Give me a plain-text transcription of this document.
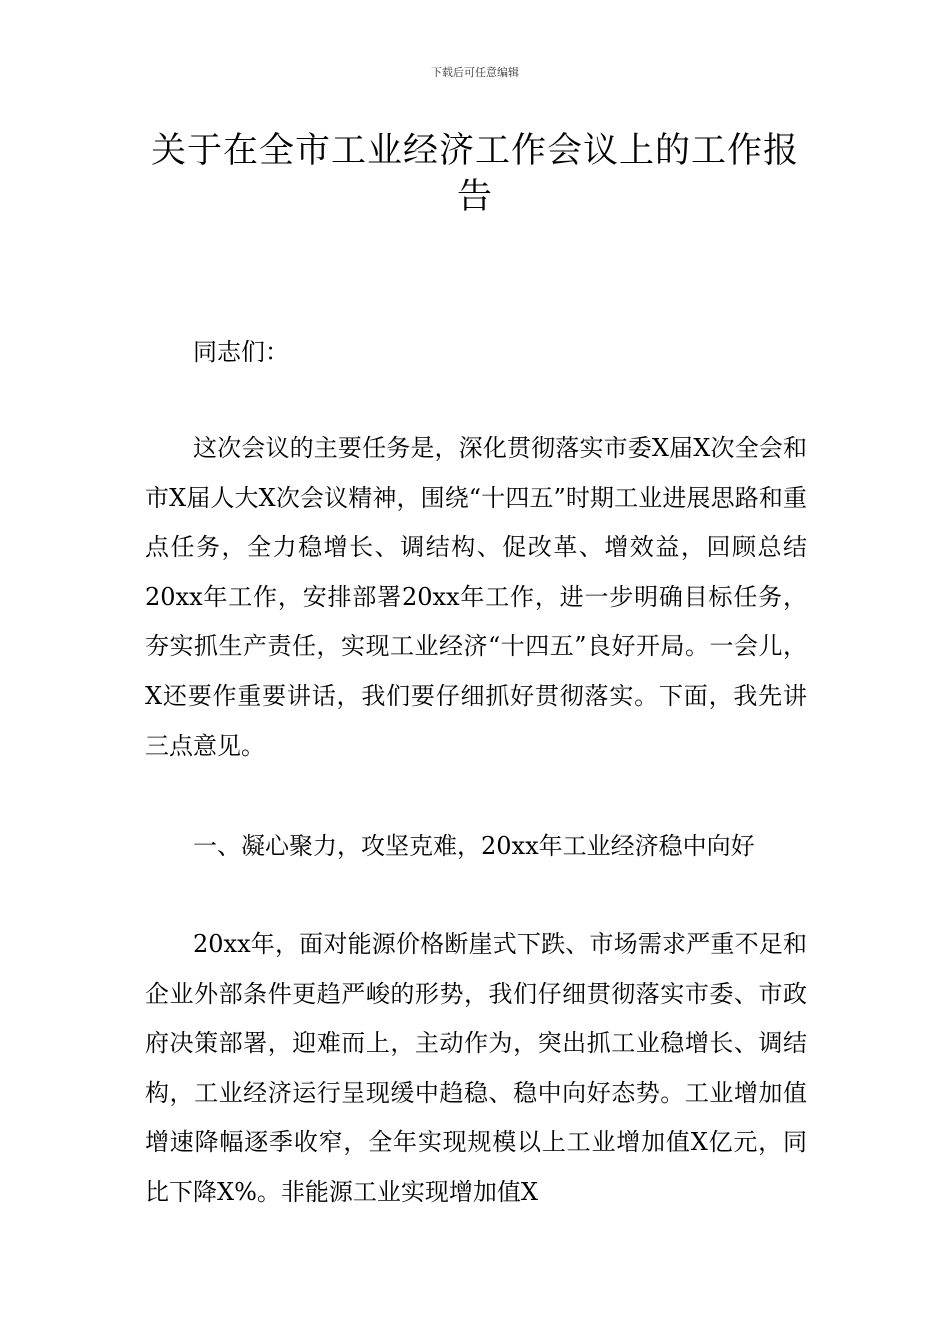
下载后可任意编辑
关于在全市工业经济工作会议上的工作报告

同志们：

这次会议的主要任务是，深化贯彻落实市委X届X次全会和市X届人大X次会议精神，围绕“十四五”时期工业进展思路和重点任务，全力稳增长、调结构、促改革、增效益，回顾总结20xx年工作，安排部署20xx年工作，进一步明确目标任务，夯实抓生产责任，实现工业经济“十四五”良好开局。一会儿，X还要作重要讲话，我们要仔细抓好贯彻落实。下面，我先讲三点意见。

一、凝心聚力，攻坚克难，20xx年工业经济稳中向好

20xx年，面对能源价格断崖式下跌、市场需求严重不足和企业外部条件更趋严峻的形势，我们仔细贯彻落实市委、市政府决策部署，迎难而上，主动作为，突出抓工业稳增长、调结构，工业经济运行呈现缓中趋稳、稳中向好态势。工业增加值增速降幅逐季收窄，全年实现规模以上工业增加值X亿元，同比下降X%。非能源工业实现增加值X
